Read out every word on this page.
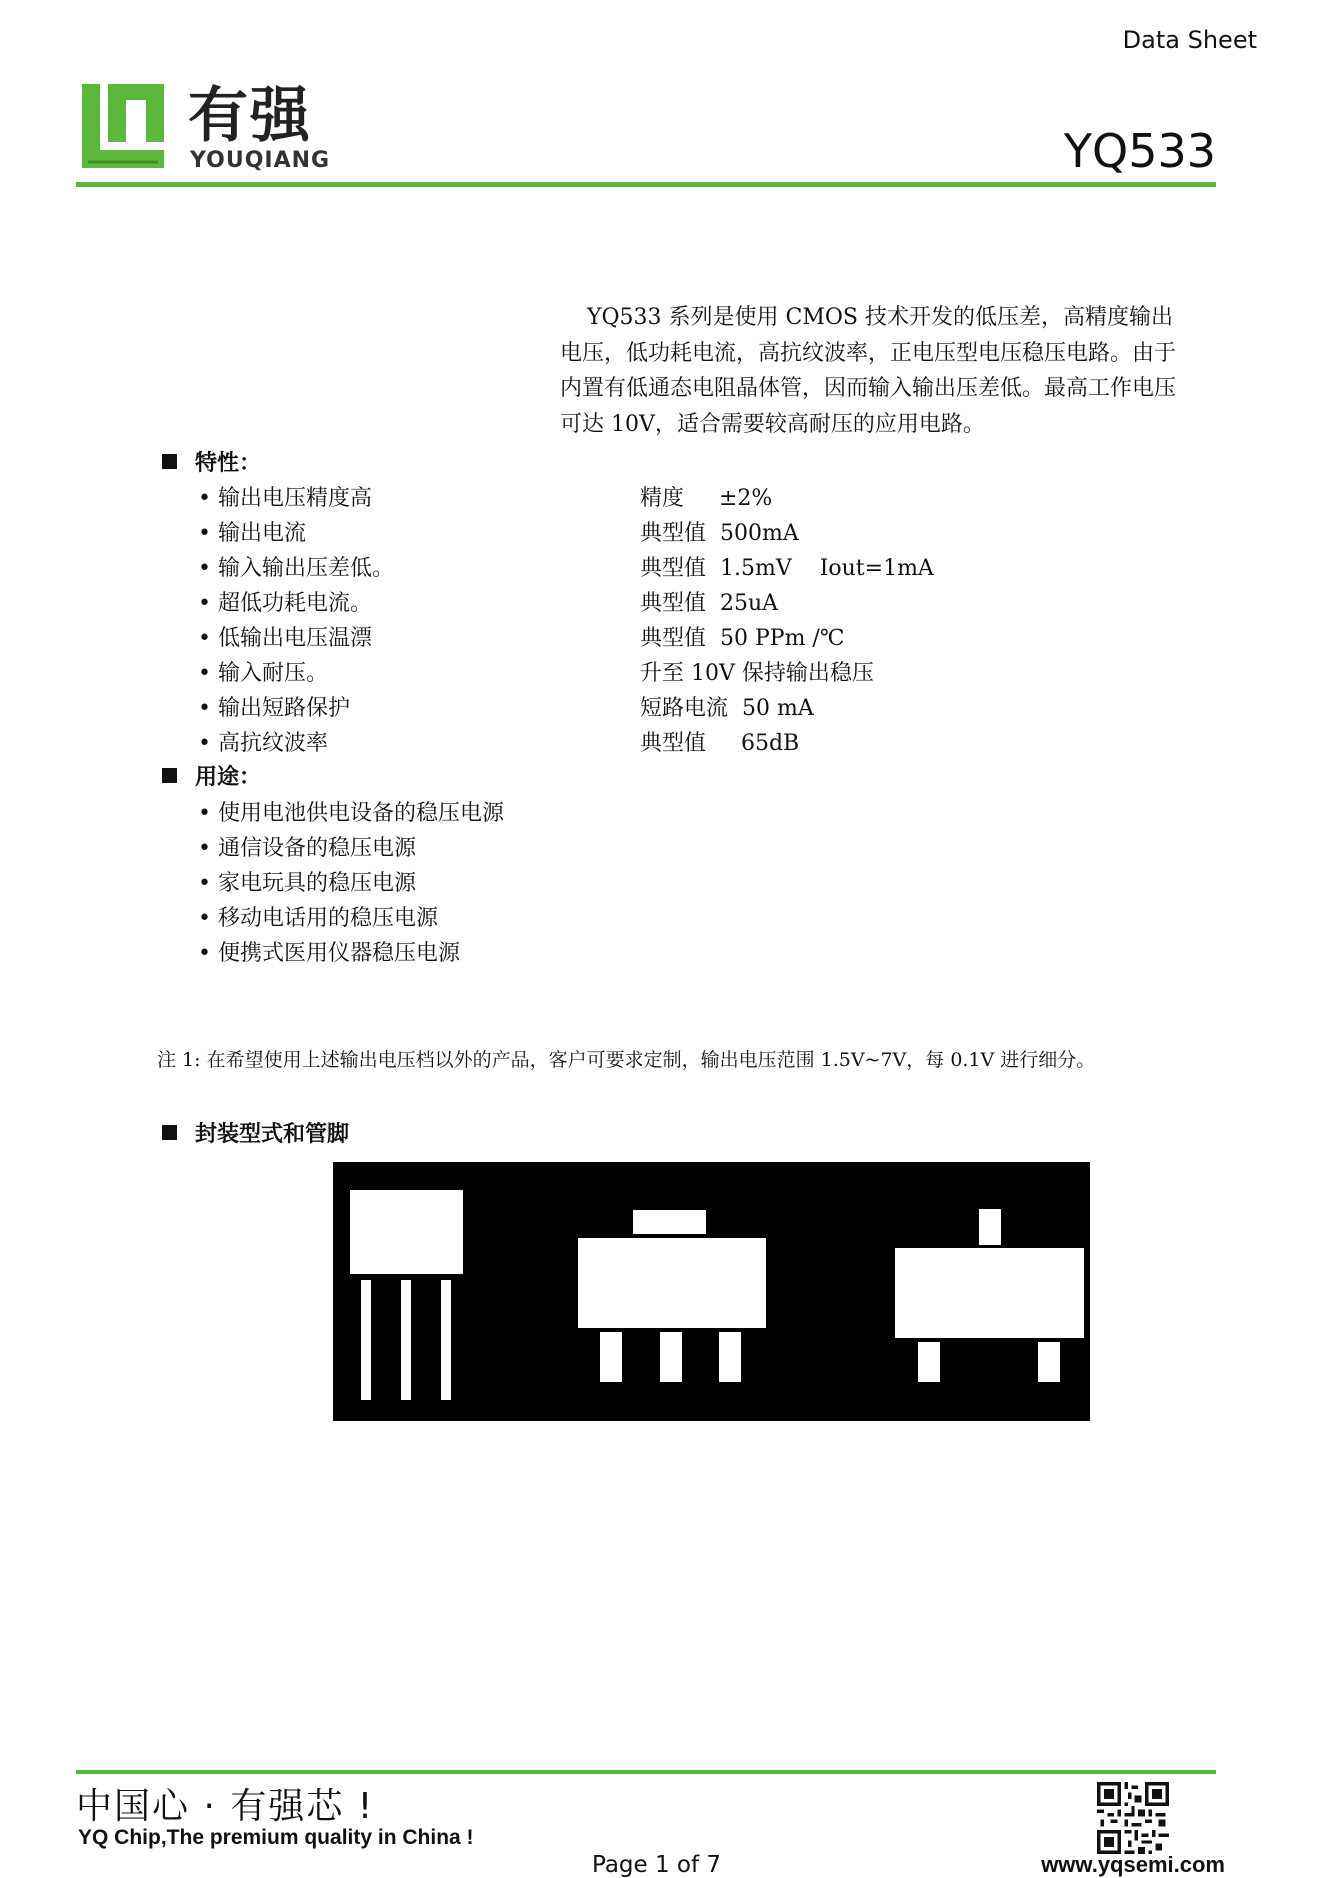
Data Sheet
有强
YOUQIANG	YQ533
YQ533 系列是使用 CMOS 技术开发的低压差，高精度输出电压，低功耗电流，高抗纹波率，正电压型电压稳压电路。由于内置有低通态电阻晶体管，因而输入输出压差低。最高工作电压可达 10V，适合需要较高耐压的应用电路。
特性：
• 输出电压精度高	精度     ±2%
• 输出电流	典型值  500mA
• 输入输出压差低。	典型值  1.5mV    Iout=1mA
• 超低功耗电流。	典型值  25uA
• 低输出电压温漂	典型值  50 PPm /℃
• 输入耐压。	升至 10V 保持输出稳压
• 输出短路保护	短路电流  50 mA
• 高抗纹波率	典型值     65dB
用途：
• 使用电池供电设备的稳压电源
• 通信设备的稳压电源
• 家电玩具的稳压电源
• 移动电话用的稳压电源
• 便携式医用仪器稳压电源
注 1: 在希望使用上述输出电压档以外的产品，客户可要求定制，输出电压范围 1.5V~7V，每 0.1V 进行细分。
封装型式和管脚
中国心 · 有强芯 !
YQ Chip,The premium quality in China !
Page 1 of 7	www.yqsemi.com
